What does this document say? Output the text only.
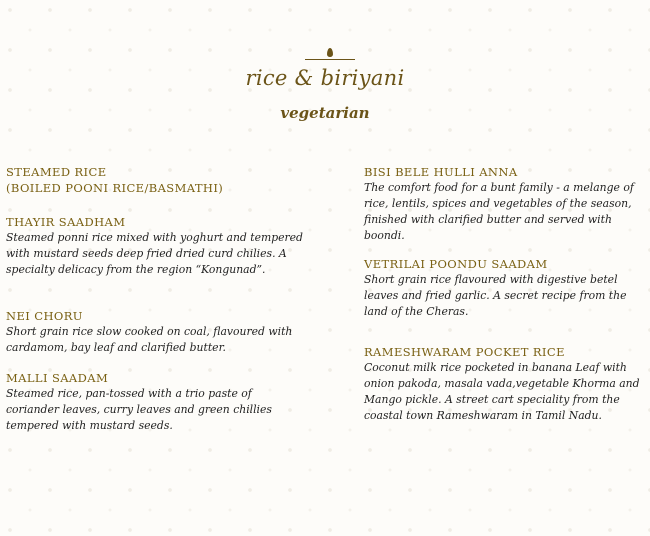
rice & biriyani
vegetarian

STEAMED RICE
(BOILED POONI RICE/BASMATHI)

THAYIR SAADHAM

Steamed ponni rice mixed with yoghurt and tempered with mustard seeds deep fried dried curd chilies. A specialty delicacy from the region “Kongunad”.

NEI CHORU

Short grain rice slow cooked on coal, flavoured with cardamom, bay leaf and clarified butter.

MALLI SAADAM

Steamed rice, pan-tossed with a trio paste of coriander leaves, curry leaves and green chillies tempered with mustard seeds.

BISI BELE HULLI ANNA

The comfort food for a bunt family - a melange of rice, lentils, spices and vegetables of the season, finished with clarified butter and served with boondi.

VETRILAI POONDU SAADAM

Short grain rice flavoured with digestive betel leaves and fried garlic. A secret recipe from the land of the Cheras.

RAMESHWARAM POCKET RICE

Coconut milk rice pocketed in banana Leaf with onion pakoda, masala vada,vegetable Khorma and Mango pickle. A street cart speciality from the coastal town Rameshwaram in Tamil Nadu.
